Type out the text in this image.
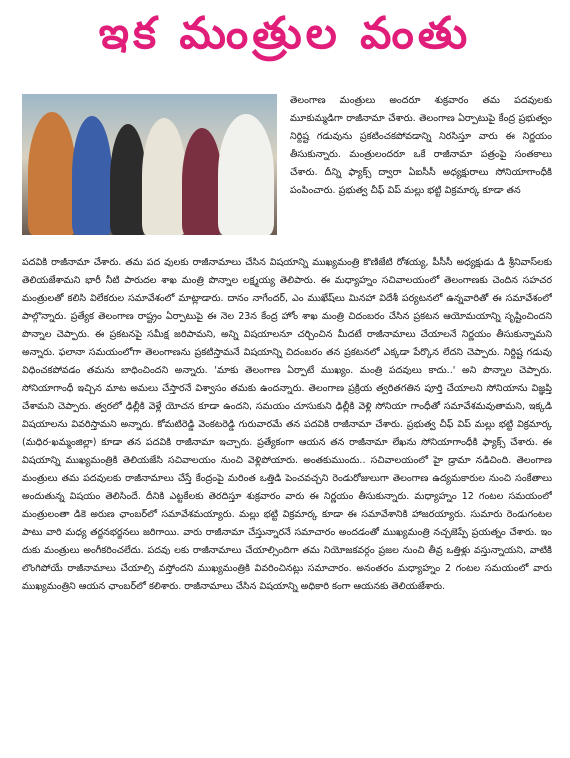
ఇక మంత్రుల వంతు

తెలంగాణ మంత్రులు అందరూ శుక్రవారం తమ పదవులకు మూకుమ్మడిగా రాజీనామా చేశారు. తెలంగాణ ఏర్పాటుపై కేంద్ర ప్రభుత్వం నిర్దిష్ట గడువును ప్రకటించకపోవడాన్ని నిరసిస్తూ వారు ఈ నిర్ణయం తీసుకున్నారు. మంత్రులందరూ ఒకే రాజీనామా పత్రంపై సంతకాలు చేశారు. దీన్ని ఫ్యాక్స్ ద్వారా ఏఐసీసీ అధ్యక్షురాలు సోనియాగాంధీకి పంపించారు. ప్రభుత్వ చీఫ్ విప్ మల్లు భట్టి విక్రమార్క కూడా తన

పదవికి రాజీనామా చేశారు. తమ పద వులకు రాజీనామాలు చేసిన విషయాన్ని ముఖ్యమంత్రి కొణిజేటి రోశయ్య, పీసీసీ అధ్యక్షుడు డి శ్రీనివాస్‌లకు తెలియజేశామని భారీ నీటి పారుదల శాఖ మంత్రి పొన్నాల లక్ష్మయ్య తెలిపారు. ఈ మధ్యాహ్నం సచివాలయంలో తెలంగాణకు చెందిన సహచర మంత్రులతో కలిసి విలేకరుల సమావేశంలో మాట్లాడారు. దానం నాగేందర్, ఎం ముఖేష్‌లు మినహా విదేశీ పర్యటనలో ఉన్నవారితో ఈ సమావేశంలో పాల్గొన్నారు. ప్రత్యేక తెలంగాణ రాష్ట్రం ఏర్పాటుపై ఈ నెల 23న కేంద్ర హోం శాఖ మంత్రి చిదంబరం చేసిన ప్రకటన ఆయోమయాన్ని సృష్టించిందని పొన్నాల చెప్పారు. ఈ ప్రకటనపై సమీక్ష జరిపామని, అన్ని విషయాలనూ చర్చించిన మీదటే రాజీనామాలు చేయాలనే నిర్ణయం తీసుకున్నామని అన్నారు. ఫలానా సమయంలోగా తెలంగాణను ప్రకటిస్తామనే విషయాన్ని చిదంబరం తన ప్రకటనలో ఎక్కడా పేర్కొన లేదని చెప్పారు. నిర్దిష్ట గడువు విధించకపోవడం తమను బాధించిందని అన్నారు. 'మాకు తెలంగాణ ఏర్పాటే ముఖ్యం. మంత్రి పదవులు కాదు..' అని పొన్నాల చెప్పారు. సోనియాగాంధీ ఇచ్చిన మాట అమలు చేస్తారనే విశ్వాసం తమకు ఉందన్నారు. తెలంగాణ ప్రక్రియ త్వరితగతిన పూర్తి చేయాలని సోనియాను విజ్ఞప్తి చేశామని చెప్పారు. త్వరలో ఢిల్లీకి వెళ్లే యోచన కూడా ఉందని, సమయం చూసుకుని ఢిల్లీకి వెళ్లి సోనియా గాంధీతో సమావేశమవుతామని, ఇక్కడి విషయాలను వివరిస్తామని అన్నారు. కోమటిరెడ్డి వెంకటరెడ్డి గురువారమే తన పదవికి రాజీనామా చేశారు. ప్రభుత్వ చీఫ్ విప్ మల్లు భట్టి విక్రమార్క (మధిర-ఖమ్మంజిల్లా) కూడా తన పదవికి రాజీనామా ఇచ్చారు. ప్రత్యేకంగా ఆయన తన రాజీనామా లేఖను సోనియాగాంధీకి ఫ్యాక్స్ చేశారు. ఈ విషయాన్ని ముఖ్యమంత్రికి తెలియజేసి సచివాలయం నుంచి వెళ్లిపోయారు. అంతకుముందు.. సచివాలయంలో హై డ్రామా నడిచింది. తెలంగాణ మంత్రులు తమ పదవులకు రాజీనామాలు చేస్తే కేంద్రంపై మరింత ఒత్తిడి పెంచవచ్చని రెండురోజులుగా తెలంగాణ ఉద్యమకారుల నుంచి సంకేతాలు అందుతున్న విషయం తెలిసిందే. దీనికి ఎట్టకేలకు తెరదిస్తూ శుక్రవారం వారు ఈ నిర్ణయం తీసుకున్నారు. మధ్యాహ్నం 12 గంటల సమయంలో మంత్రులంతా డికె అరుణ ఛాంబర్‌లో సమావేశమయ్యారు. మల్లు భట్టి విక్రమార్క కూడా ఈ సమావేశానికి హాజరయ్యారు. సుమారు రెండుగంటల పాటు వారి మధ్య తర్జనభర్జనలు జరిగాయి. వారు రాజీనామా చేస్తున్నారనే సమాచారం అందడంతో ముఖ్యమంత్రి నచ్చజెప్పే ప్రయత్నం చేశారు. ఇం దుకు మంత్రులు అంగీకరించలేదు. పదవు లకు రాజీనామాలు చేయాల్సిందిగా తమ నియోజకవర్గం ప్రజల నుంచి తీవ్ర ఒత్తిళ్లు వస్తున్నాయని, వాటికి లొంగిపోయే రాజీనామాలు చేయాల్సి వస్తోందని ముఖ్యమంత్రికి వివరించినట్లు సమాచారం. అనంతరం మధ్యాహ్నం 2 గంటల సమయంలో వారు ముఖ్యమంత్రిని ఆయన ఛాంబర్‌లో కలిశారు. రాజీనామాలు చేసిన విషయాన్ని అధికారి కంగా ఆయనకు తెలియజేశారు.
